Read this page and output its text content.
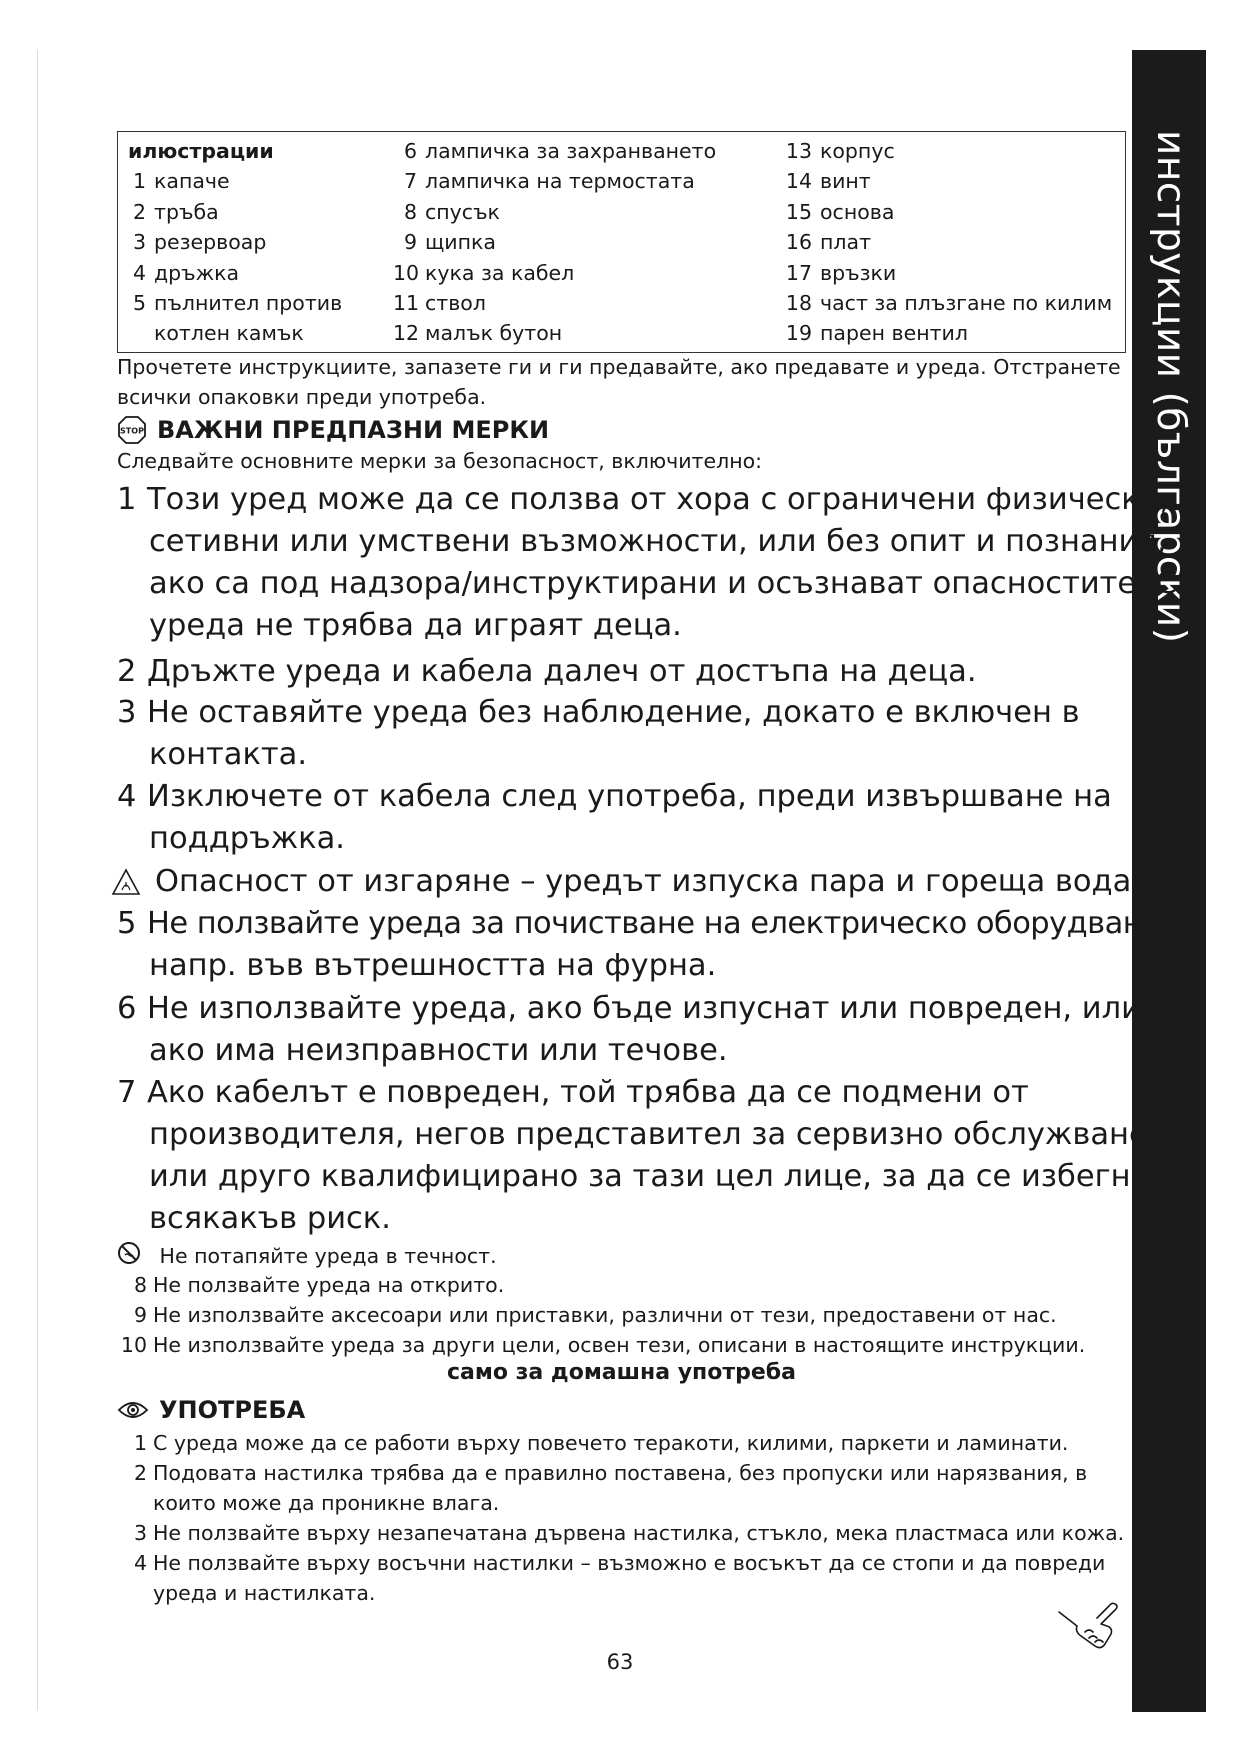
инструкции (български)
илюстрации
1 капаче
2 тръба
3 резервоар
4 дръжка
5 пълнител против
котлен камък
6 лампичка за захранването
7 лампичка на термостата
8 спусък
9 щипка
10 кука за кабел
11 ствол
12 малък бутон
13 корпус
14 винт
15 основа
16 плат
17 връзки
18 част за плъзгане по килим
19 парен вентил
Прочетете инструкциите, запазете ги и ги предавайте, ако предавате и уреда. Отстранете
всички опаковки преди употреба.
STOP ВАЖНИ ПРЕДПАЗНИ МЕРКИ
Следвайте основните мерки за безопасност, включително:
1 Този уред може да се ползва от хора с ограничени физически,
сетивни или умствени възможности, или без опит и познания,
ако са под надзора/инструктирани и осъзнават опасностите. С
уреда не трябва да играят деца.
2 Дръжте уреда и кабела далеч от достъпа на деца.
3 Не оставяйте уреда без наблюдение, докато е включен в
контакта.
4 Изключете от кабела след употреба, преди извършване на
поддръжка.
Опасност от изгаряне – уредът изпуска пара и гореща вода.
5 Не ползвайте уреда за почистване на електрическо оборудване,
напр. във вътрешността на фурна.
6 Не използвайте уреда, ако бъде изпуснат или повреден, или
ако има неизправности или течове.
7 Ако кабелът е повреден, той трябва да се подмени от
производителя, негов представител за сервизно обслужване
или друго квалифицирано за тази цел лице, за да се избегне
всякакъв риск.
Не потапяйте уреда в течност.
8 Не ползвайте уреда на открито.
9 Не използвайте аксесоари или приставки, различни от тези, предоставени от нас.
10 Не използвайте уреда за други цели, освен тези, описани в настоящите инструкции.
само за домашна употреба
УПОТРЕБА
1 С уреда може да се работи върху повечето теракоти, килими, паркети и ламинати.
2 Подовата настилка трябва да е правилно поставена, без пропуски или нарязвания, в
които може да проникне влага.
3 Не ползвайте върху незапечатана дървена настилка, стъкло, мека пластмаса или кожа.
4 Не ползвайте върху восъчни настилки – възможно е восъкът да се стопи и да повреди
уреда и настилката.
63
